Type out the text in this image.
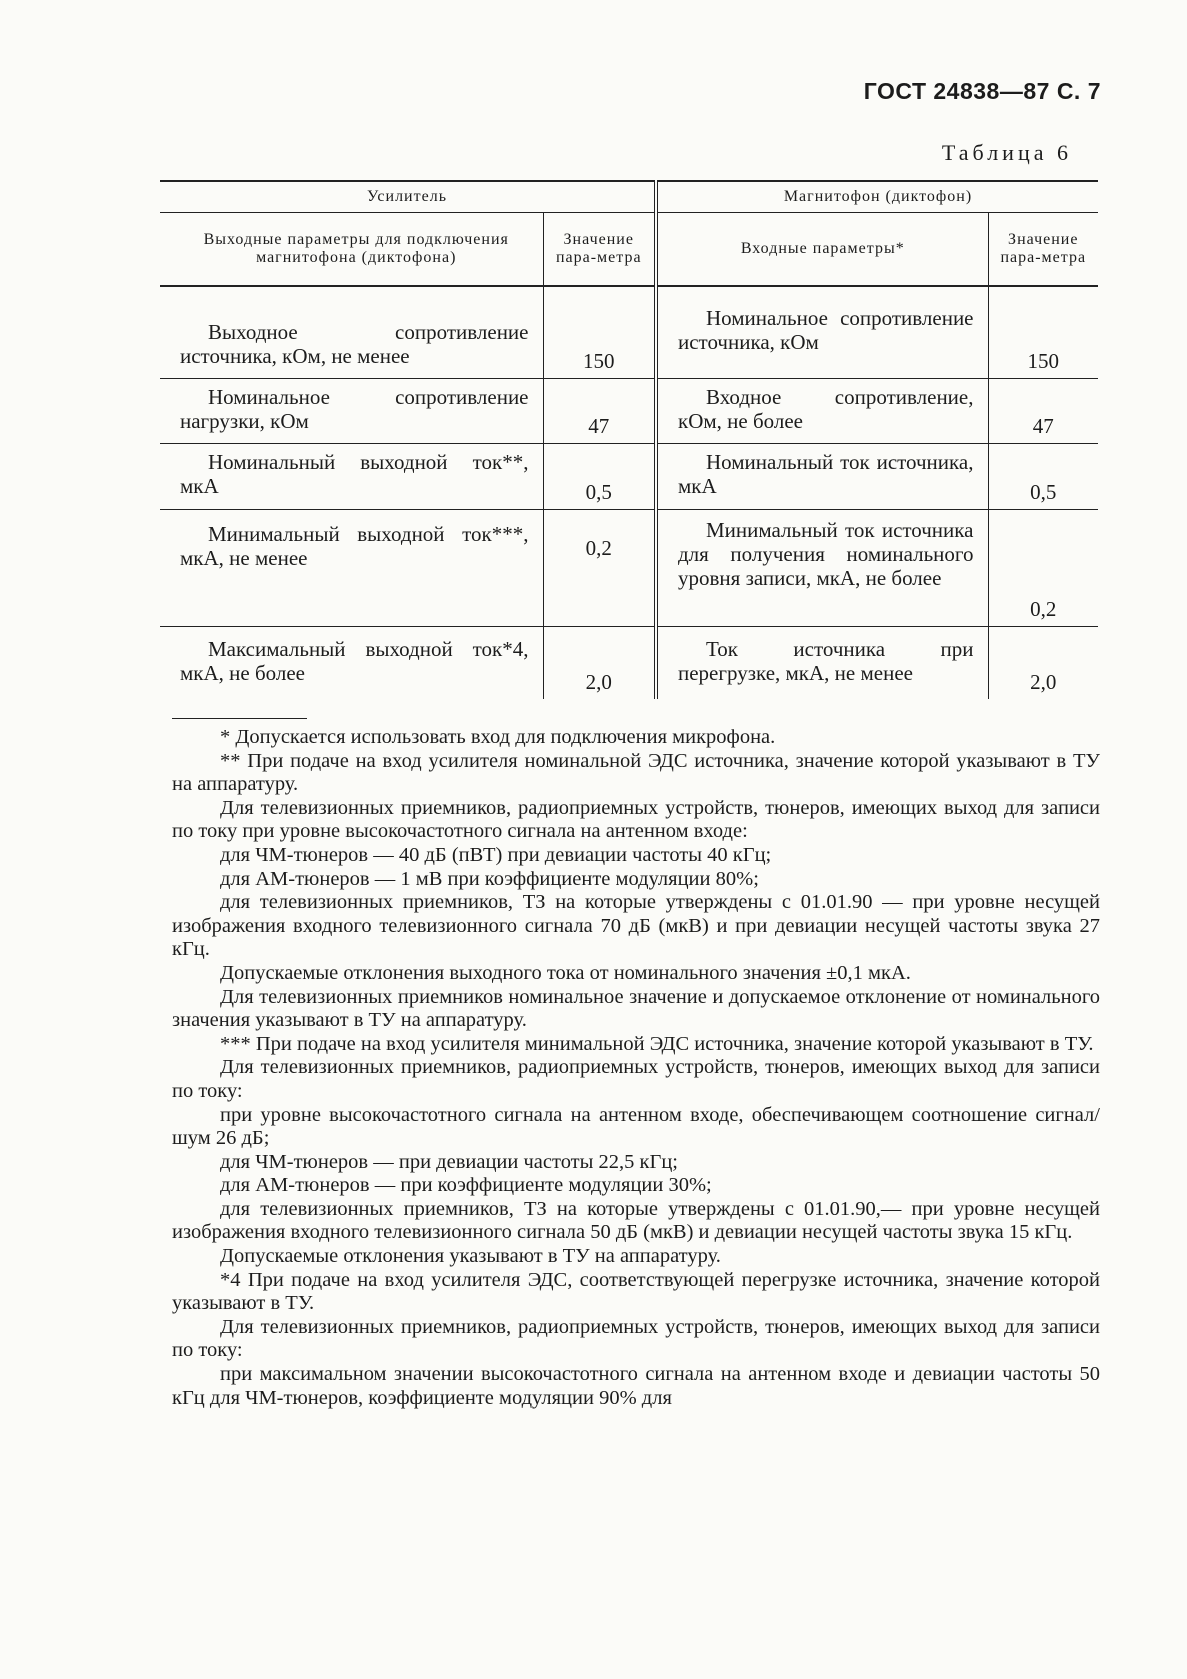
ГОСТ 24838—87 С. 7
Таблица 6
Усилитель		Магнитофон (диктофон)	
Выходные параметры для подключения магнитофона (диктофона)	Значение пара-метра	Входные параметры*	Значение пара-метра

Выходное сопротивление источника, кОм, не менее	150	Номинальное сопротивление источника, кОм	150

Номинальное сопротивление нагрузки, кОм	47	Входное сопротивление, кОм, не более	47

Номинальный выходной ток**, мкА	0,5	Номинальный ток источника, мкА	0,5

Минимальный выходной ток***, мкА, не менее	0,2	Минимальный ток источника для получения номинального уровня записи, мкА, не более	0,2

Максимальный выходной ток*4, мкА, не более	2,0	Ток источника при перегрузке, мкА, не менее	2,0

* Допускается использовать вход для подключения микрофона.

** При подаче на вход усилителя номинальной ЭДС источника, значение которой указывают в ТУ на аппаратуру.

Для телевизионных приемников, радиоприемных устройств, тюнеров, имеющих выход для записи по току при уровне высокочастотного сигнала на антенном входе:

для ЧМ-тюнеров — 40 дБ (пВТ) при девиации частоты 40 кГц;

для АМ-тюнеров — 1 мВ при коэффициенте модуляции 80%;

для телевизионных приемников, ТЗ на которые утверждены с 01.01.90 — при уровне несущей изображения входного телевизионного сигнала 70 дБ (мкВ) и при девиации несущей частоты звука 27 кГц.

Допускаемые отклонения выходного тока от номинального значения ±0,1 мкА.

Для телевизионных приемников номинальное значение и допускаемое отклонение от номинального значения указывают в ТУ на аппаратуру.

*** При подаче на вход усилителя минимальной ЭДС источника, значение которой указывают в ТУ.

Для телевизионных приемников, радиоприемных устройств, тюнеров, имеющих выход для записи по току:

при уровне высокочастотного сигнала на антенном входе, обеспечивающем соотношение сигнал/шум 26 дБ;

для ЧМ-тюнеров — при девиации частоты 22,5 кГц;

для АМ-тюнеров — при коэффициенте модуляции 30%;

для телевизионных приемников, ТЗ на которые утверждены с 01.01.90,— при уровне несущей изображения входного телевизионного сигнала 50 дБ (мкВ) и девиации несущей частоты звука 15 кГц.

Допускаемые отклонения указывают в ТУ на аппаратуру.

*4 При подаче на вход усилителя ЭДС, соответствующей перегрузке источника, значение которой указывают в ТУ.

Для телевизионных приемников, радиоприемных устройств, тюнеров, имеющих выход для записи по току:

при максимальном значении высокочастотного сигнала на антенном входе и девиации частоты 50 кГц для ЧМ-тюнеров, коэффициенте модуляции 90% для
